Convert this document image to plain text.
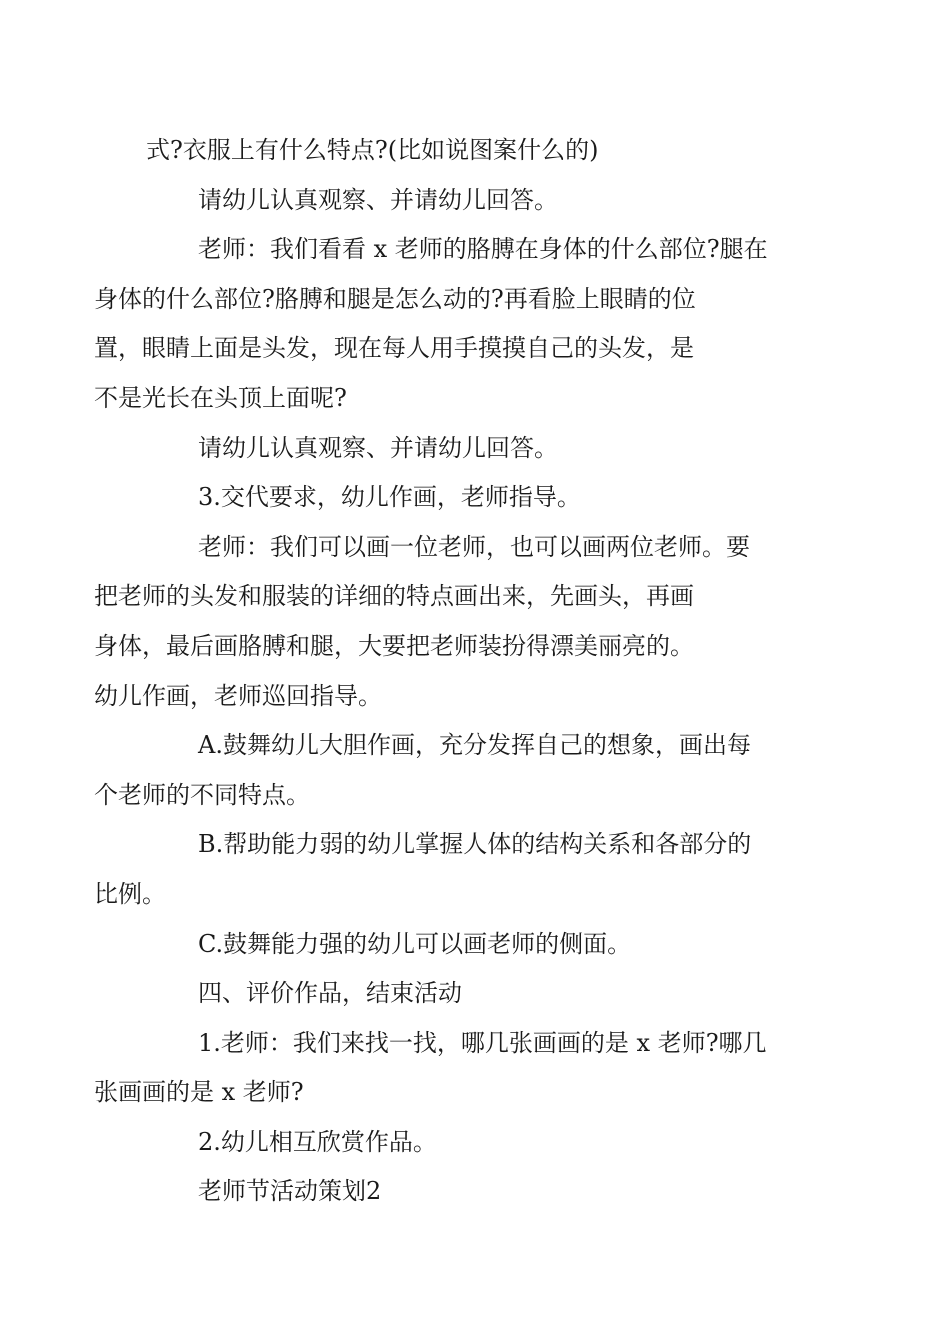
式?衣服上有什么特点?(比如说图案什么的)

请幼儿认真观察、并请幼儿回答。

老师：我们看看 x 老师的胳膊在身体的什么部位?腿在
身体的什么部位?胳膊和腿是怎么动的?再看脸上眼睛的位
置，眼睛上面是头发，现在每人用手摸摸自己的头发，是
不是光长在头顶上面呢?

请幼儿认真观察、并请幼儿回答。

3.交代要求，幼儿作画，老师指导。

老师：我们可以画一位老师，也可以画两位老师。要
把老师的头发和服装的详细的特点画出来，先画头，再画
身体，最后画胳膊和腿，大要把老师装扮得漂美丽亮的。
幼儿作画，老师巡回指导。

A.鼓舞幼儿大胆作画，充分发挥自己的想象，画出每
个老师的不同特点。

B.帮助能力弱的幼儿掌握人体的结构关系和各部分的
比例。

C.鼓舞能力强的幼儿可以画老师的侧面。

四、评价作品，结束活动

1.老师：我们来找一找，哪几张画画的是 x 老师?哪几
张画画的是 x 老师?

2.幼儿相互欣赏作品。

老师节活动策划2
